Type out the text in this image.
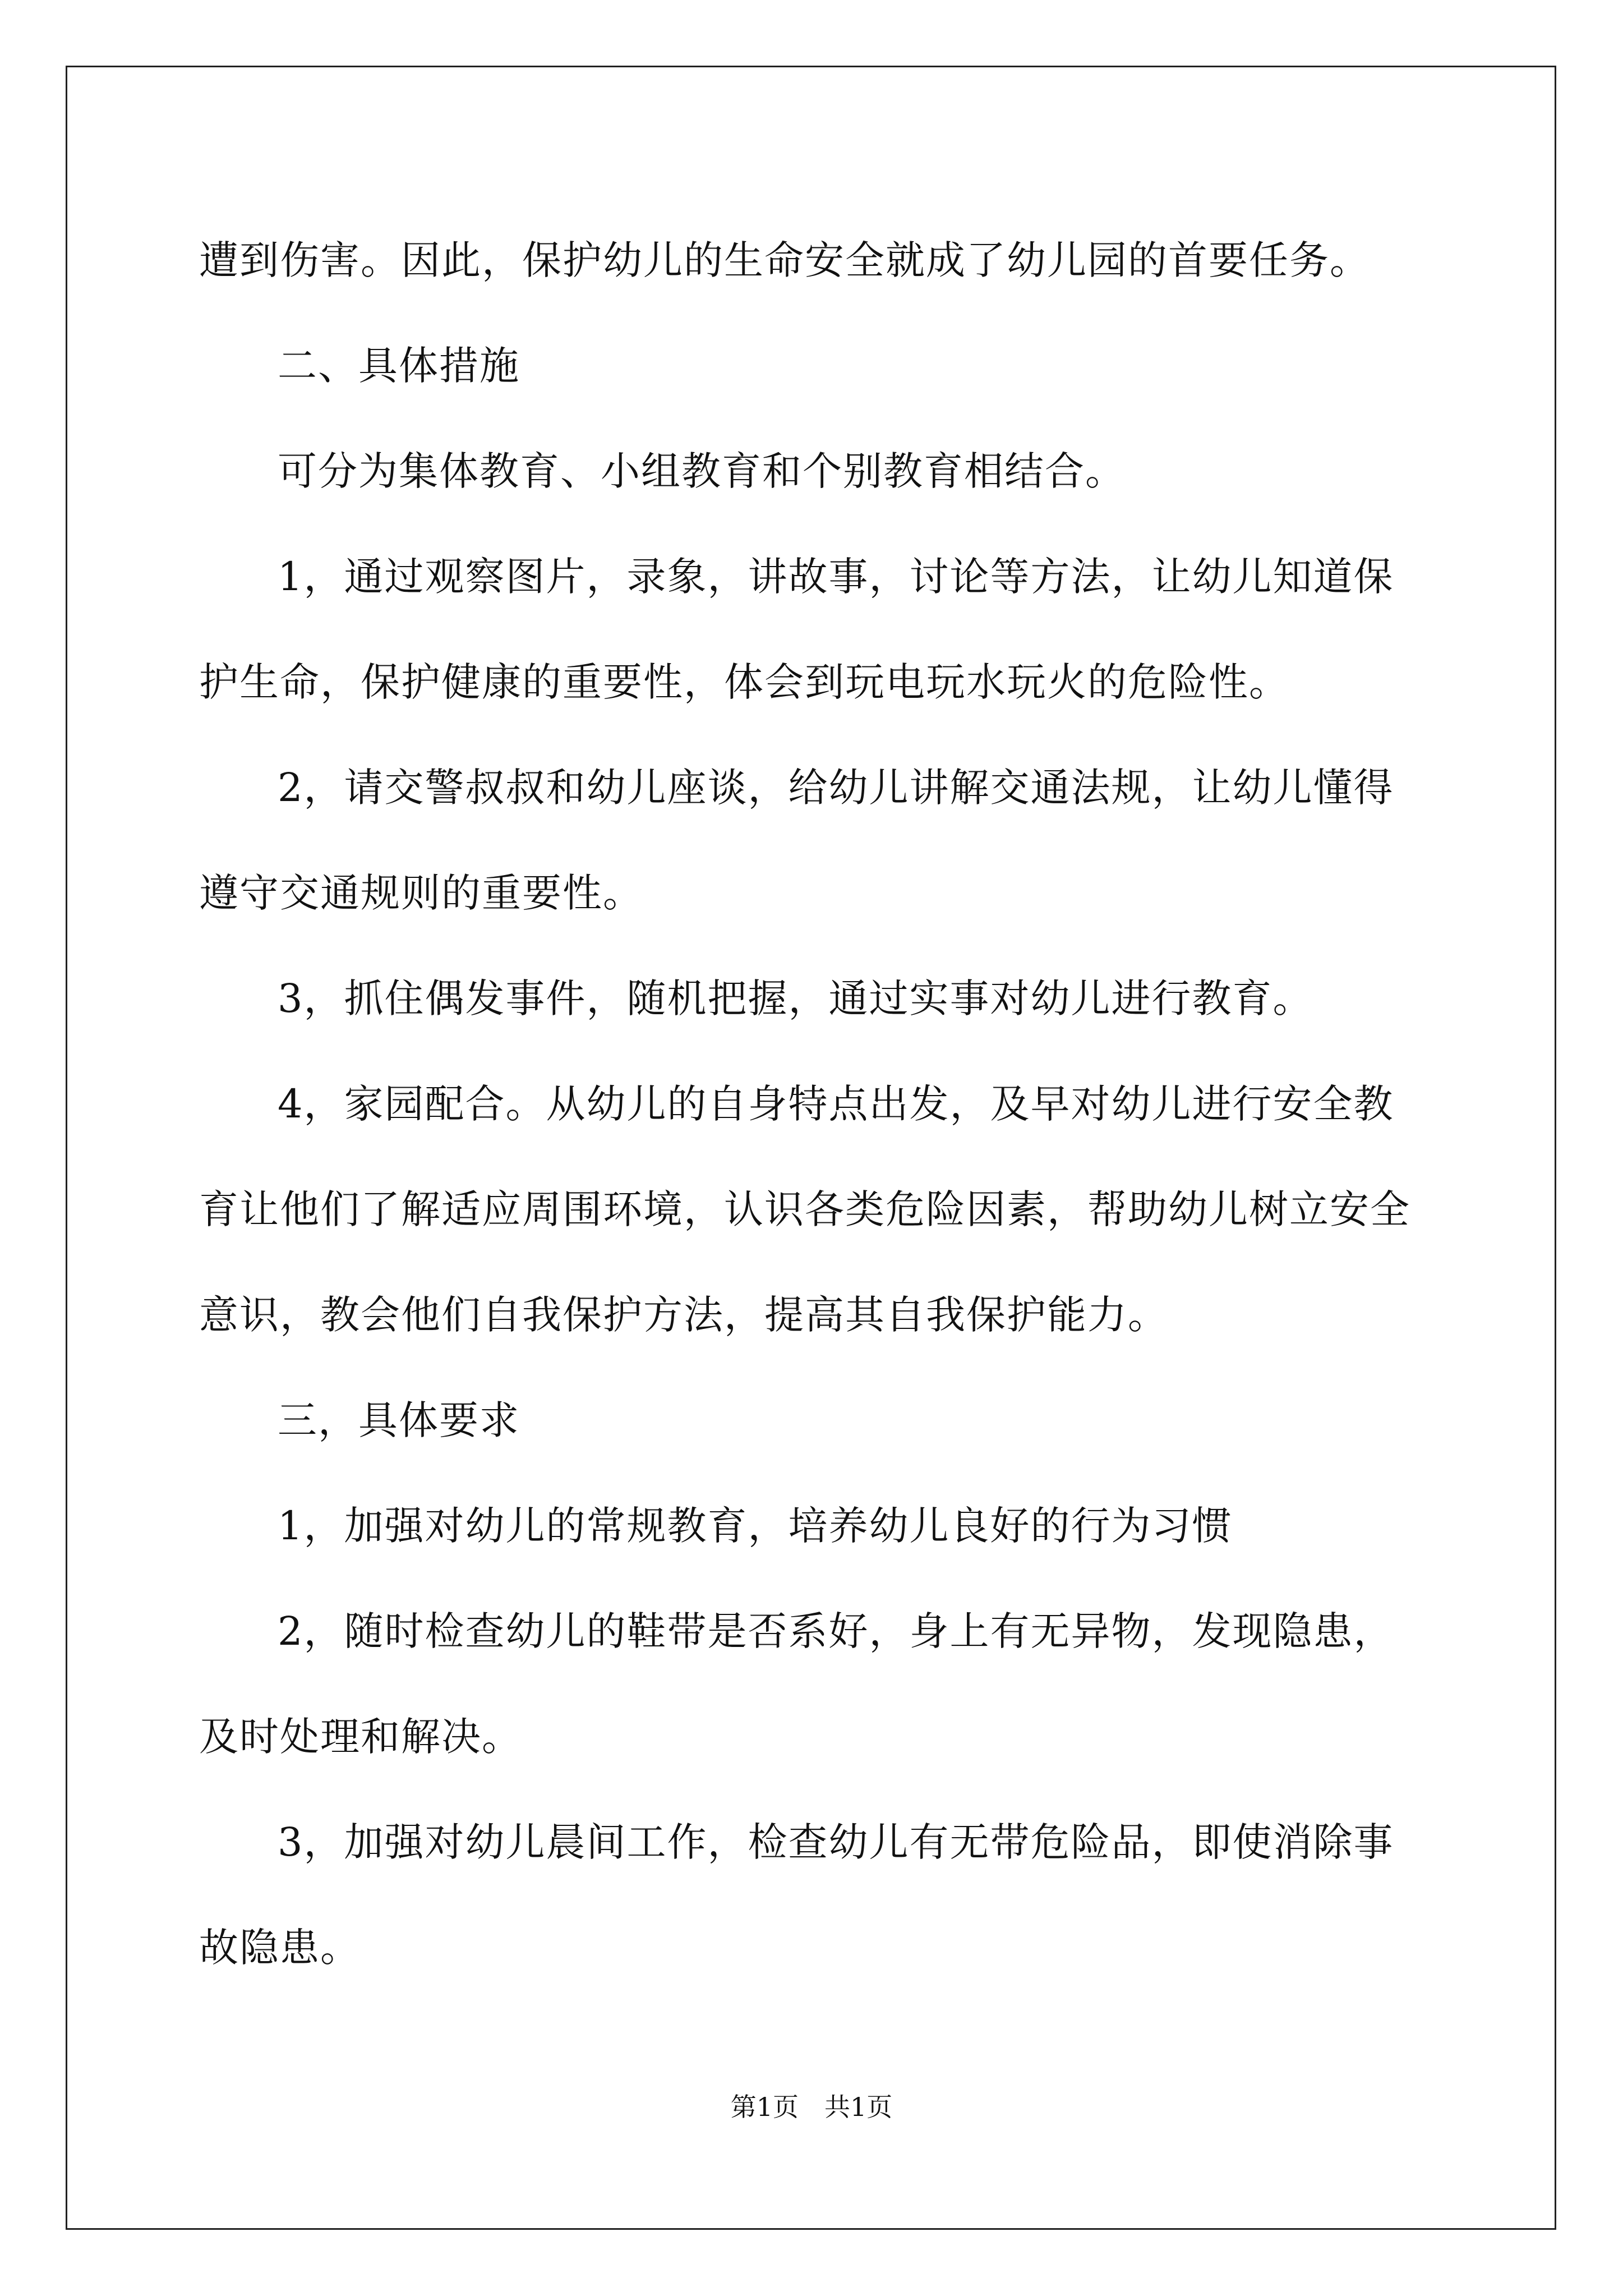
遭到伤害。因此，保护幼儿的生命安全就成了幼儿园的首要任务。

二、具体措施

可分为集体教育、小组教育和个别教育相结合。

1，通过观察图片，录象，讲故事，讨论等方法，让幼儿知道保护生命，保护健康的重要性，体会到玩电玩水玩火的危险性。

2，请交警叔叔和幼儿座谈，给幼儿讲解交通法规，让幼儿懂得遵守交通规则的重要性。

3，抓住偶发事件，随机把握，通过实事对幼儿进行教育。

4，家园配合。从幼儿的自身特点出发，及早对幼儿进行安全教育让他们了解适应周围环境，认识各类危险因素，帮助幼儿树立安全意识，教会他们自我保护方法，提高其自我保护能力。

三，具体要求

1，加强对幼儿的常规教育，培养幼儿良好的行为习惯

2，随时检查幼儿的鞋带是否系好，身上有无异物，发现隐患，及时处理和解决。

3，加强对幼儿晨间工作，检查幼儿有无带危险品，即使消除事故隐患。

第1页　共1页
